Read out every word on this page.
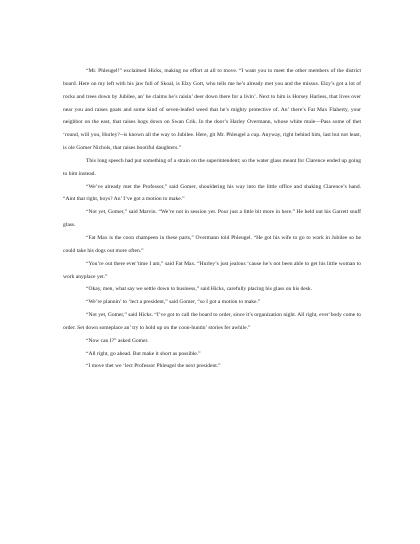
“Mr. Phleugel!” exclaimed Hicks, making no effort at all to move. “I want you to meet the other members of the district board. Here on my left with his jaw full of Skoal, is Elzy Gott, who tells me he’s already met you and the missus. Elzy’s got a lot of rocks and trees down by Jubilee, an’ he claims he’s raisin’ deer down there for a livin’. Next to him is Horsey Harless, that lives over near you and raises goats and some kind of seven-leafed weed that he’s mighty protective of. An’ there’s Fat Max Flaherty, your neighbor on the east, that raises hogs down on Swan Crik. In the door’s Harley Overmann, whose white mule—Pass some of thet ‘round, will you, Hurley?--is known all the way to Jubilee. Here, git Mr. Phleugel a cup. Anyway, right behind him, last but not least, is ole Gomer Nichols, that raises bootiful daughters.”

This long speech had put something of a strain on the superintendent; so the water glass meant for Clarence ended up going to him instead.

“We’ve already met the Professor,” said Gomer, shouldering his way into the little office and shaking Clarence’s hand. “Aint that right, boys? An’ I’ve got a motion to make.”

“Not yet, Gomer,” said Marvin. “We’re not in session yet. Pour just a little bit more in here.” He held out his Garrett snuff glass.

“Fat Max is the coon champeen in these parts,” Overmann told Phleugel. “He got his wife to go to work in Jubilee so he could take his dogs out more often.”

“You’re out there ever’time I am,” said Fat Max. “Hurley’s just jealous ‘cause he’s not been able to get his little woman to work anyplace yet.”

“Okay, men, what say we settle down to business,” said Hicks, carefully placing his glass on his desk.

“We’re plannin’ to ‘lect a president,” said Gomer, “so I got a motion to make.”

“Not yet, Gomer,” said Hicks. “I’ve got to call the board to order, since it’s organization night. All right, ever’body come to order. Set down someplace an’ try to hold up on the coon-huntin’ stories fer awhile.”

“Now can I?” asked Gomer.

“All right, go ahead. But make it short as possible.”

“I move thet we ‘lect Professor Phleugel the next president.”
